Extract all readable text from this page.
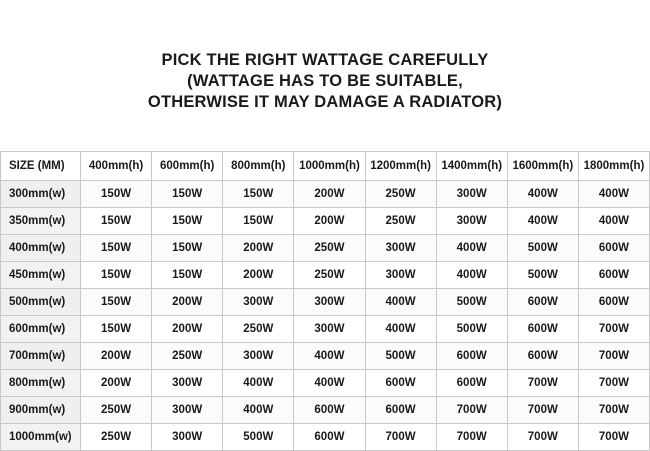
PICK THE RIGHT WATTAGE CAREFULLY
(WATTAGE HAS TO BE SUITABLE,
OTHERWISE IT MAY DAMAGE A RADIATOR)
SIZE (MM)	400mm(h)	600mm(h)	800mm(h)	1000mm(h)	1200mm(h)	1400mm(h)	1600mm(h)	1800mm(h)
300mm(w)	150W	150W	150W	200W	250W	300W	400W	400W
350mm(w)	150W	150W	150W	200W	250W	300W	400W	400W
400mm(w)	150W	150W	200W	250W	300W	400W	500W	600W
450mm(w)	150W	150W	200W	250W	300W	400W	500W	600W
500mm(w)	150W	200W	300W	300W	400W	500W	600W	600W
600mm(w)	150W	200W	250W	300W	400W	500W	600W	700W
700mm(w)	200W	250W	300W	400W	500W	600W	600W	700W
800mm(w)	200W	300W	400W	400W	600W	600W	700W	700W
900mm(w)	250W	300W	400W	600W	600W	700W	700W	700W
1000mm(w)	250W	300W	500W	600W	700W	700W	700W	700W
